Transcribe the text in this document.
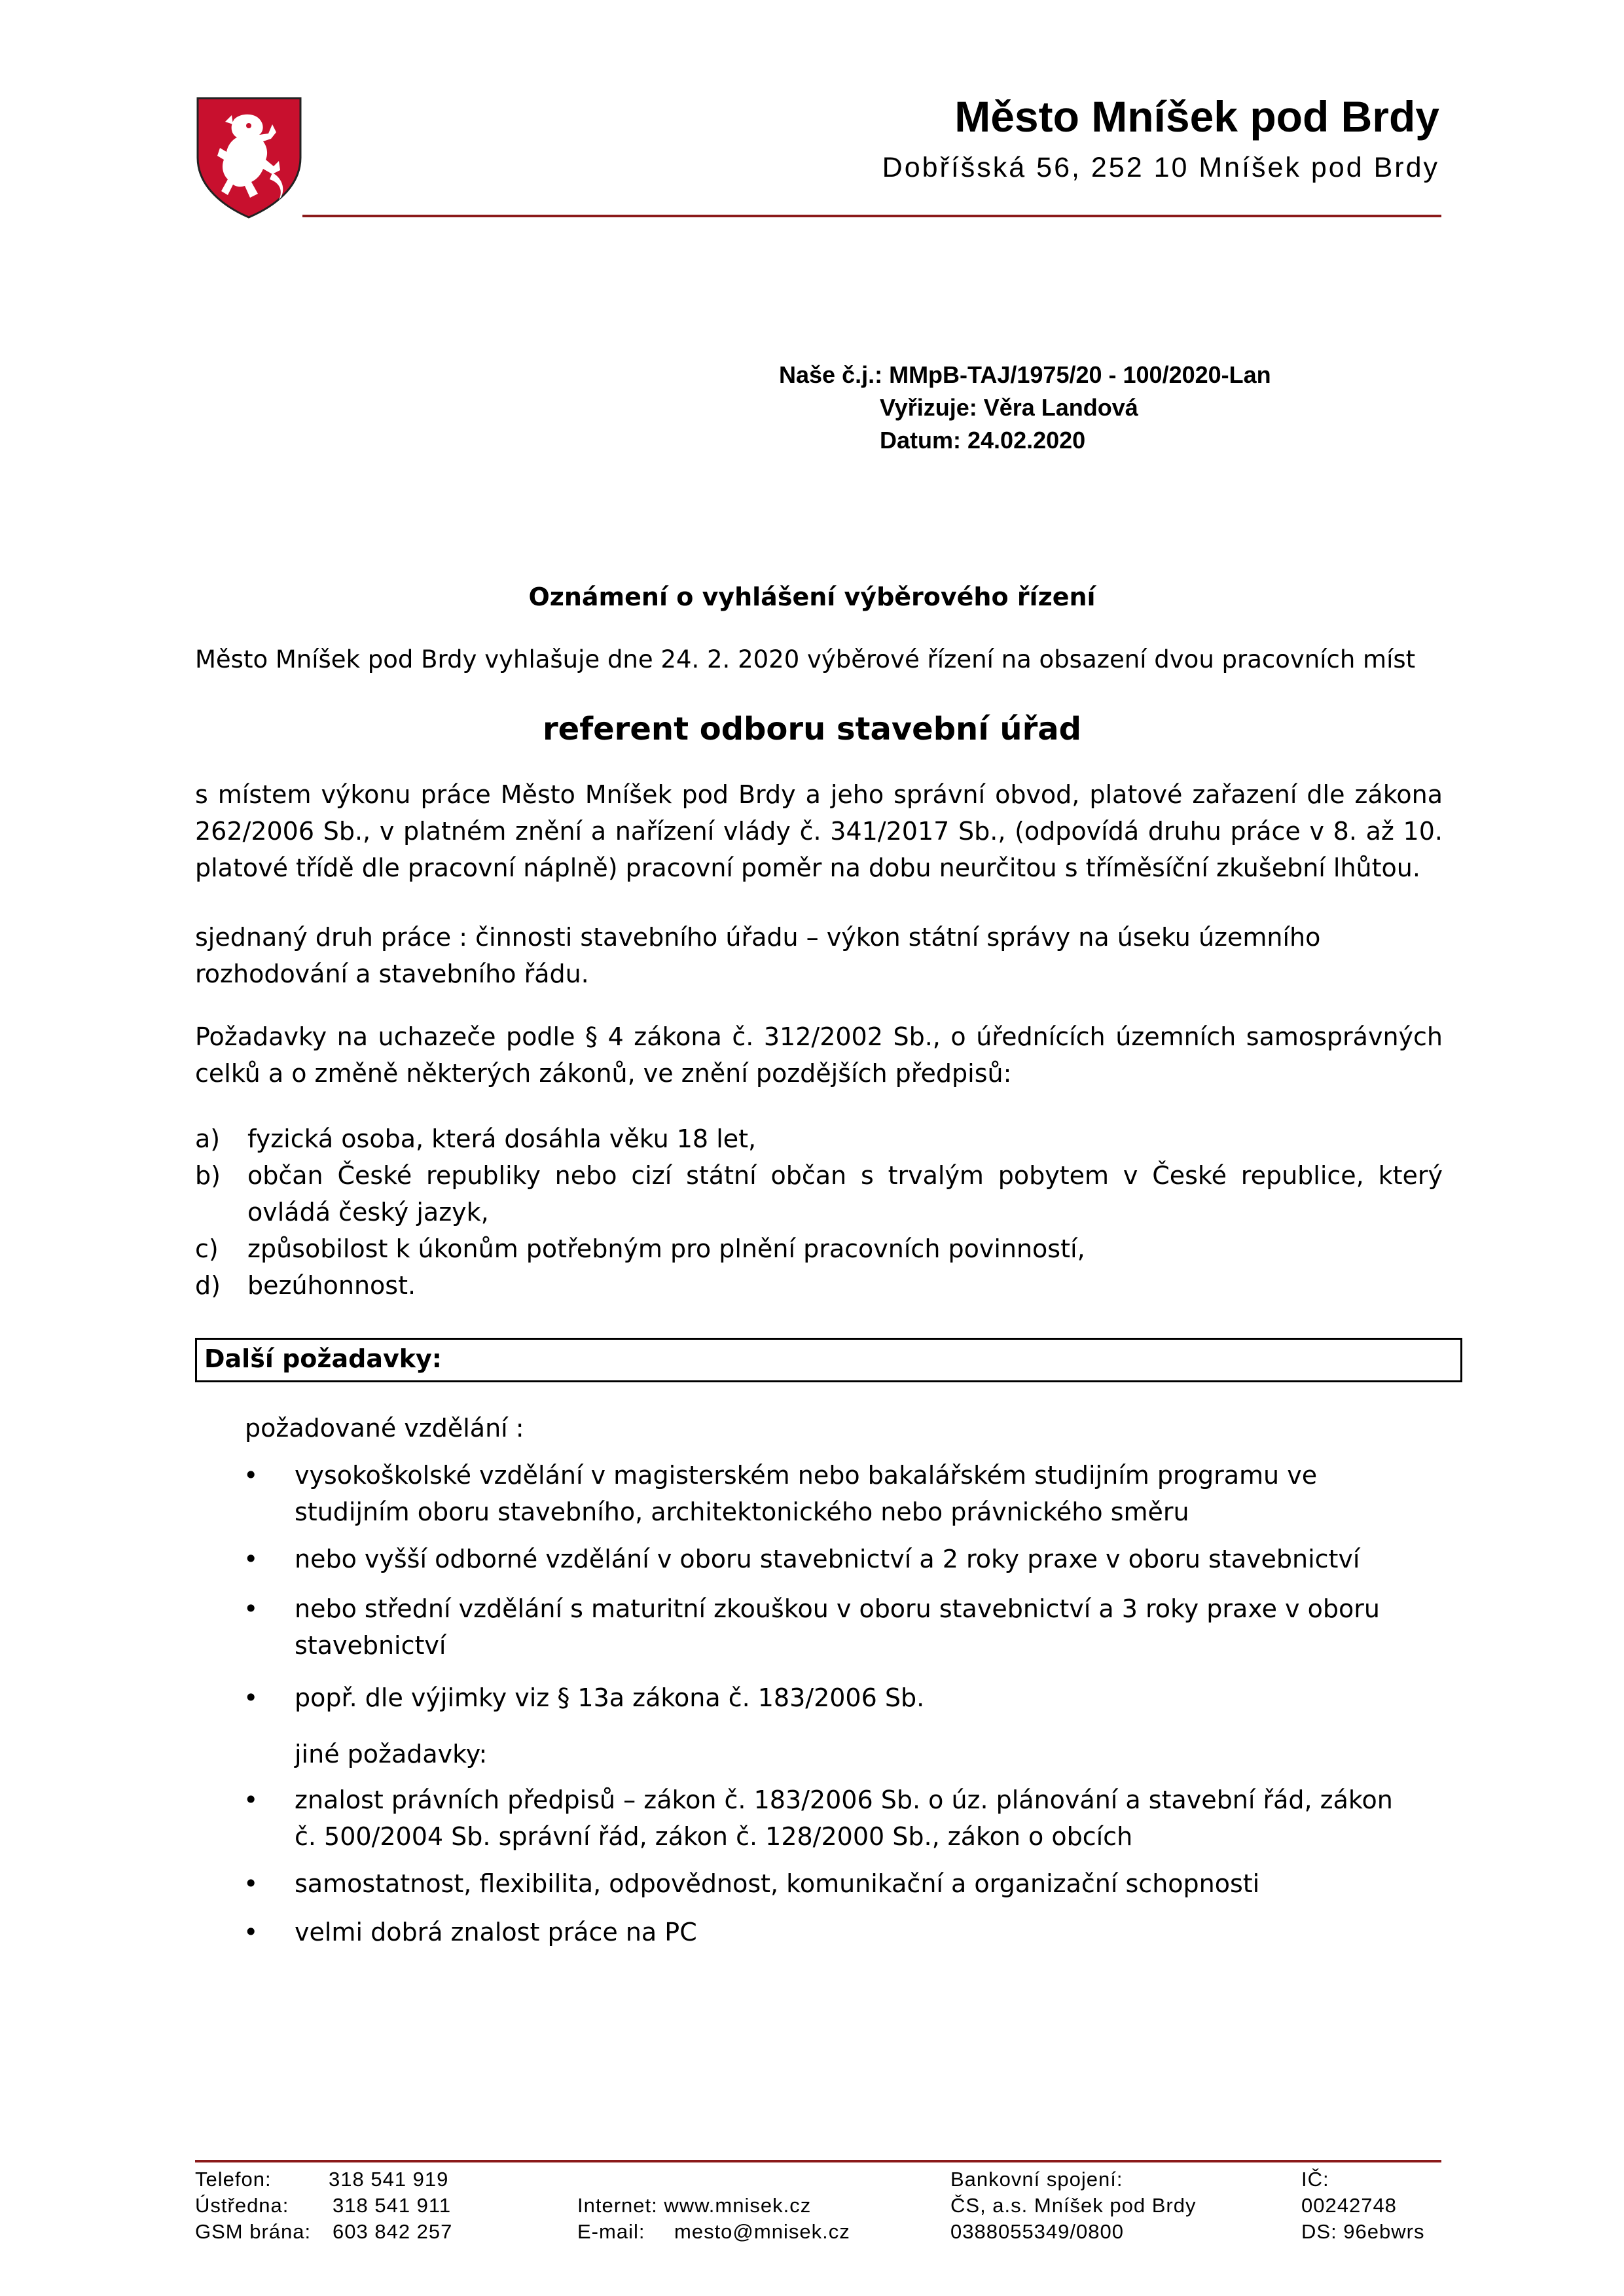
Město Mníšek pod Brdy
Dobříšská 56, 252 10 Mníšek pod Brdy
Naše č.j.: MMpB-TAJ/1975/20 - 100/2020-Lan
Vyřizuje: Věra Landová
Datum: 24.02.2020
Oznámení o vyhlášení výběrového řízení
Město Mníšek pod Brdy vyhlašuje dne 24. 2. 2020 výběrové řízení na obsazení dvou pracovních míst
referent odboru stavební úřad
s místem výkonu práce Město Mníšek pod Brdy a jeho správní obvod, platové zařazení dle zákona 262/2006 Sb., v platném znění a nařízení vlády č. 341/2017 Sb., (odpovídá druhu práce v 8. až 10. platové třídě dle pracovní náplně) pracovní poměr na dobu neurčitou s tříměsíční zkušební lhůtou.
sjednaný druh práce : činnosti stavebního úřadu – výkon státní správy na úseku územního rozhodování a stavebního řádu.
Požadavky na uchazeče podle § 4 zákona č. 312/2002 Sb., o úřednících územních samosprávných celků a o změně některých zákonů, ve znění pozdějších předpisů:
a)	fyzická osoba, která dosáhla věku 18 let,
b)	občan České republiky nebo cizí státní občan s trvalým pobytem v České republice, který ovládá český jazyk,
c)	způsobilost k úkonům potřebným pro plnění pracovních povinností,
d)	bezúhonnost.
Další požadavky:
požadované vzdělání :
•	vysokoškolské vzdělání v magisterském nebo bakalářském studijním programu ve studijním oboru stavebního, architektonického nebo právnického směru
•	nebo vyšší odborné vzdělání v oboru stavebnictví a 2 roky praxe v oboru stavebnictví
•	nebo střední vzdělání s maturitní zkouškou v oboru stavebnictví a 3 roky praxe v oboru stavebnictví
•	popř. dle výjimky viz § 13a zákona č. 183/2006 Sb.
jiné požadavky:
•	znalost právních předpisů – zákon č. 183/2006 Sb. o úz. plánování a stavební řád, zákon č. 500/2004 Sb. správní řád, zákon č. 128/2000 Sb., zákon o obcích
•	samostatnost, flexibilita, odpovědnost, komunikační a organizační schopnosti
•	velmi dobrá znalost práce na PC
Telefon:	318 541 919
Ústředna: 318 541 911
GSM brána: 603 842 257
Internet: www.mnisek.cz
E-mail: mesto@mnisek.cz
Bankovní spojení:
ČS, a.s. Mníšek pod Brdy
0388055349/0800
IČ:
00242748
DS: 96ebwrs
